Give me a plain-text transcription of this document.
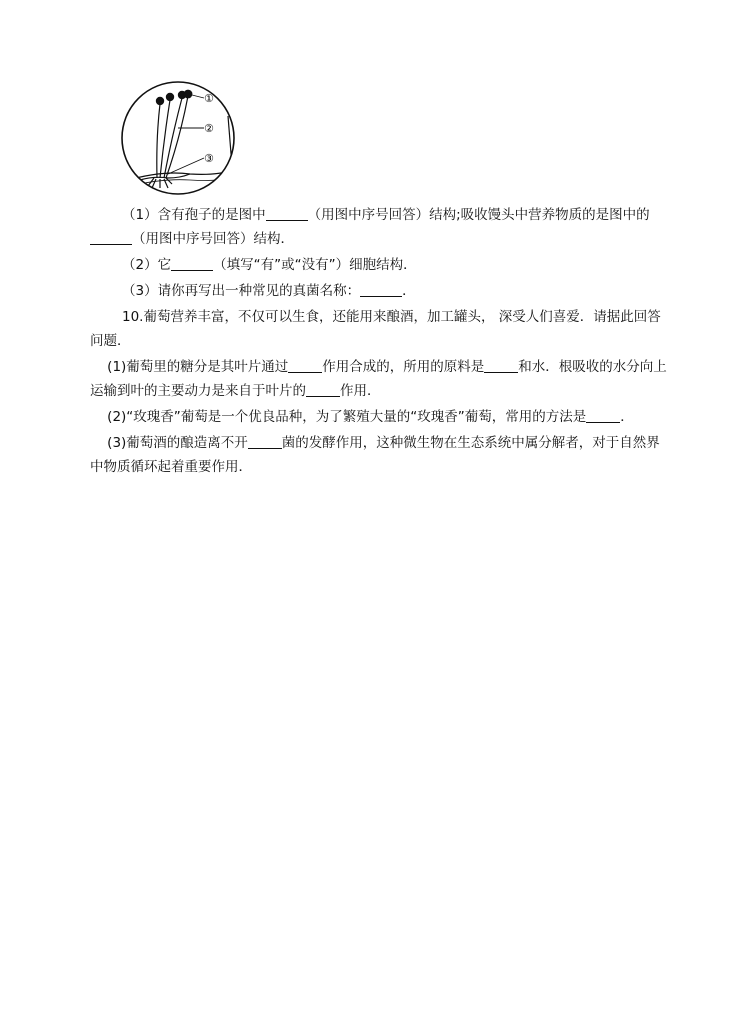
①
②
③

（1）含有孢子的是图中	（用图中序号回答）结构;吸收馒头中营养物质的是图中的（用图中序号回答）结构．

（2）它	（填写“有”或“没有”）细胞结构．

（3）请你再写出一种常见的真菌名称：	．

10.葡萄营养丰富，不仅可以生食，还能用来酿酒，加工罐头， 深受人们喜爱．请据此回答问题．

(1)葡萄里的糖分是其叶片通过	作用合成的，所用的原料是	和水．根吸收的水分向上运输到叶的主要动力是来自于叶片的	作用．

(2)“玫瑰香”葡萄是一个优良品种，为了繁殖大量的“玫瑰香”葡萄，常用的方法是	．

(3)葡萄酒的酿造离不开	菌的发酵作用，这种微生物在生态系统中属分解者，对于自然界中物质循环起着重要作用．
